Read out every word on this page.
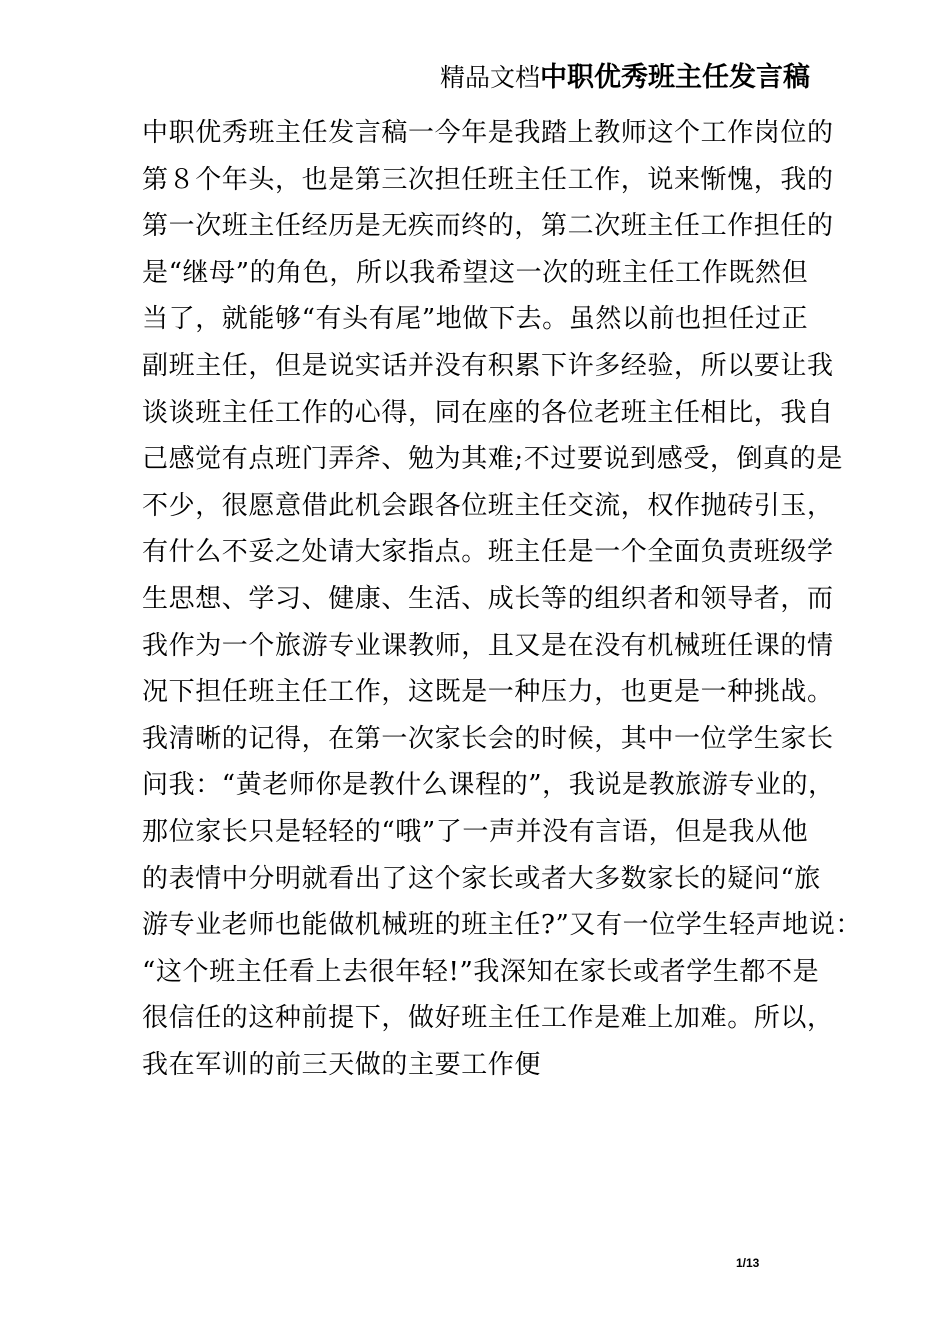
精品文档中职优秀班主任发言稿
中职优秀班主任发言稿一今年是我踏上教师这个工作岗位的
第８个年头，也是第三次担任班主任工作，说来惭愧，我的
第一次班主任经历是无疾而终的，第二次班主任工作担任的
是“继母”的角色，所以我希望这一次的班主任工作既然但
当了，就能够“有头有尾”地做下去。虽然以前也担任过正
副班主任，但是说实话并没有积累下许多经验，所以要让我
谈谈班主任工作的心得，同在座的各位老班主任相比，我自
己感觉有点班门弄斧、勉为其难;不过要说到感受，倒真的是
不少，很愿意借此机会跟各位班主任交流，权作抛砖引玉，
有什么不妥之处请大家指点。班主任是一个全面负责班级学
生思想、学习、健康、生活、成长等的组织者和领导者，而
我作为一个旅游专业课教师，且又是在没有机械班任课的情
况下担任班主任工作，这既是一种压力，也更是一种挑战。
我清晰的记得，在第一次家长会的时候，其中一位学生家长
问我：“黄老师你是教什么课程的”，我说是教旅游专业的，
那位家长只是轻轻的“哦”了一声并没有言语，但是我从他
的表情中分明就看出了这个家长或者大多数家长的疑问“旅
游专业老师也能做机械班的班主任?”又有一位学生轻声地说：
“这个班主任看上去很年轻!”我深知在家长或者学生都不是
很信任的这种前提下，做好班主任工作是难上加难。所以，
我在军训的前三天做的主要工作便
1/13
